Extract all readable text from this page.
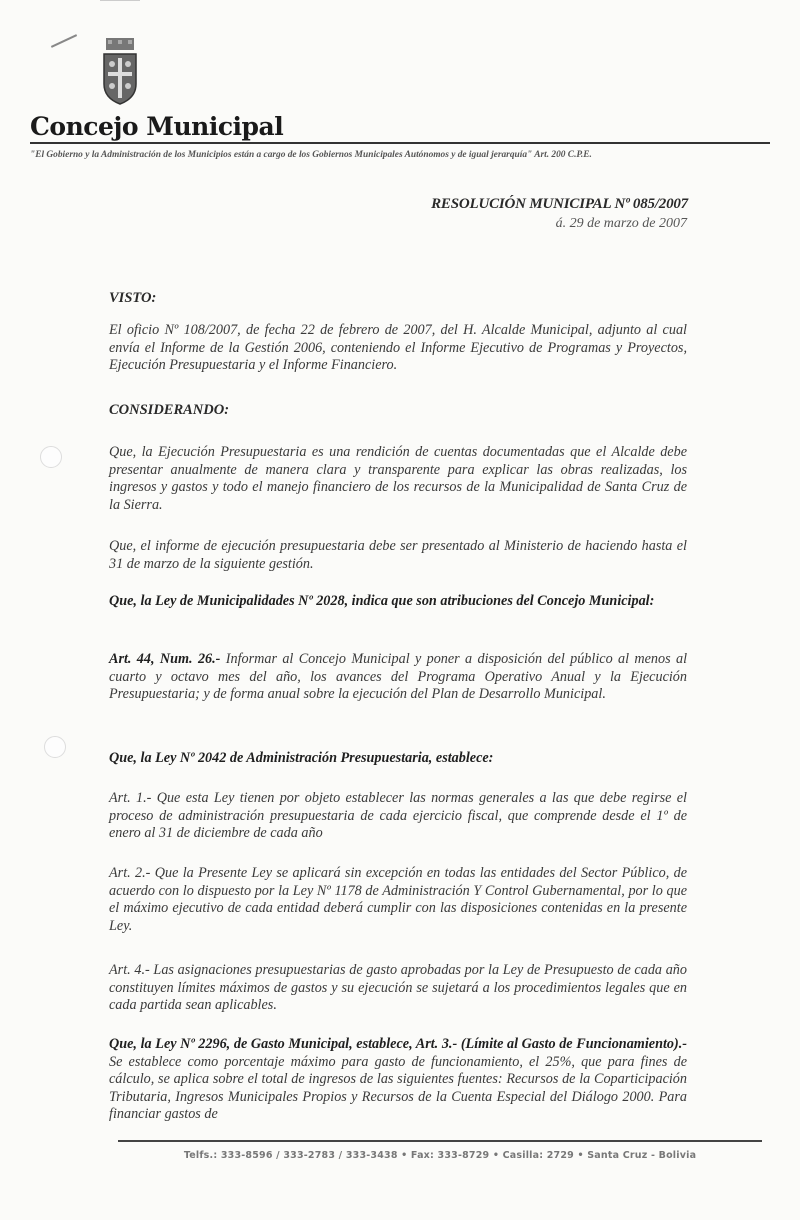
Concejo Municipal
"El Gobierno y la Administración de los Municipios están a cargo de los Gobiernos Municipales Autónomos y de igual jerarquía" Art. 200 C.P.E.
RESOLUCIÓN MUNICIPAL Nº 085/2007
á. 29 de marzo de 2007
VISTO:
El oficio Nº 108/2007, de fecha 22 de febrero de 2007, del H. Alcalde Municipal, adjunto al cual envía el Informe de la Gestión 2006, conteniendo el Informe Ejecutivo de Programas y Proyectos, Ejecución Presupuestaria y el Informe Financiero.
CONSIDERANDO:
Que, la Ejecución Presupuestaria es una rendición de cuentas documentadas que el Alcalde debe presentar anualmente de manera clara y transparente para explicar las obras realizadas, los ingresos y gastos y todo el manejo financiero de los recursos de la Municipalidad de Santa Cruz de la Sierra.
Que, el informe de ejecución presupuestaria debe ser presentado al Ministerio de haciendo hasta el 31 de marzo de la siguiente gestión.
Que, la Ley de Municipalidades Nº 2028, indica que son atribuciones del Concejo Municipal:
Art. 44, Num. 26.- Informar al Concejo Municipal y poner a disposición del público al menos al cuarto y octavo mes del año, los avances del Programa Operativo Anual y la Ejecución Presupuestaria; y de forma anual sobre la ejecución del Plan de Desarrollo Municipal.
Que, la Ley Nº 2042 de Administración Presupuestaria, establece:
Art. 1.- Que esta Ley tienen por objeto establecer las normas generales a las que debe regirse el proceso de administración presupuestaria de cada ejercicio fiscal, que comprende desde el 1º de enero al 31 de diciembre de cada año
Art. 2.- Que la Presente Ley se aplicará sin excepción en todas las entidades del Sector Público, de acuerdo con lo dispuesto por la Ley Nº 1178 de Administración Y Control Gubernamental, por lo que el máximo ejecutivo de cada entidad deberá cumplir con las disposiciones contenidas en la presente Ley.
Art. 4.- Las asignaciones presupuestarias de gasto aprobadas por la Ley de Presupuesto de cada año constituyen límites máximos de gastos y su ejecución se sujetará a los procedimientos legales que en cada partida sean aplicables.
Que, la Ley Nº 2296, de Gasto Municipal, establece, Art. 3.- (Límite al Gasto de Funcionamiento).- Se establece como porcentaje máximo para gasto de funcionamiento, el 25%, que para fines de cálculo, se aplica sobre el total de ingresos de las siguientes fuentes: Recursos de la Coparticipación Tributaria, Ingresos Municipales Propios y Recursos de la Cuenta Especial del Diálogo 2000. Para financiar gastos de
Telfs.: 333-8596 / 333-2783 / 333-3438 • Fax: 333-8729 • Casilla: 2729 • Santa Cruz - Bolivia
